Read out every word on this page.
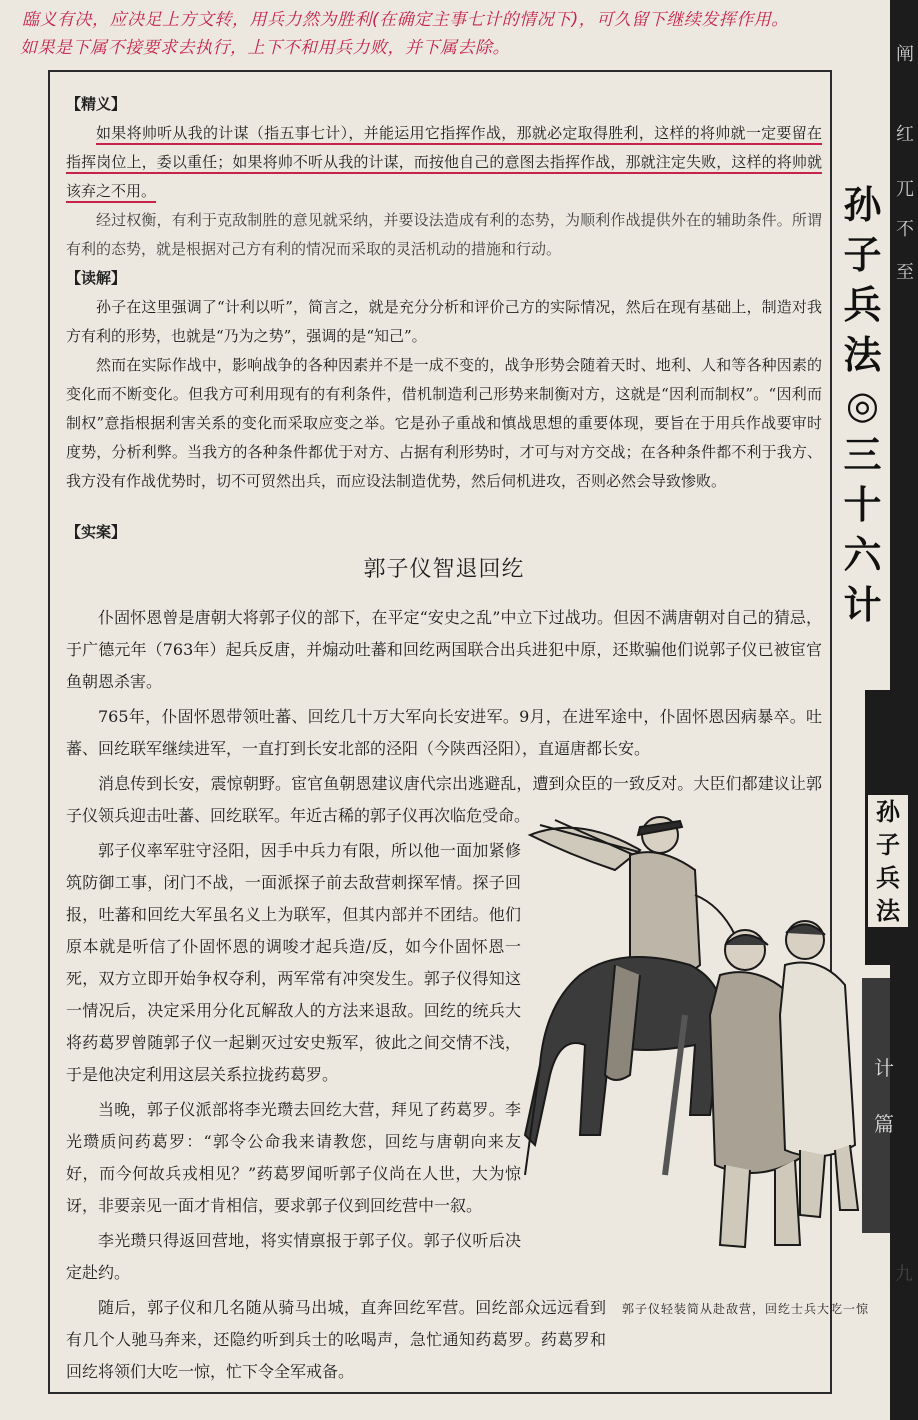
阐
红
兀
不
至
臨义有决，应决足上方文转，用兵力然为胜利(在确定主事七计的情况下)，可久留下继续发挥作用。
如果是下属不接要求去执行，上下不和用兵力败，并下属去除。

【精义】

如果将帅听从我的计谋（指五事七计），并能运用它指挥作战，那就必定取得胜利，这样的将帅就一定要留在指挥岗位上，委以重任；如果将帅不听从我的计谋，而按他自己的意图去指挥作战，那就注定失败，这样的将帅就该弃之不用。

经过权衡，有利于克敌制胜的意见就采纳，并要设法造成有利的态势，为顺利作战提供外在的辅助条件。所谓有利的态势，就是根据对己方有利的情况而采取的灵活机动的措施和行动。

【读解】

孙子在这里强调了“计利以听”，简言之，就是充分分析和评价己方的实际情况，然后在现有基础上，制造对我方有利的形势，也就是“乃为之势”，强调的是“知己”。

然而在实际作战中，影响战争的各种因素并不是一成不变的，战争形势会随着天时、地利、人和等各种因素的变化而不断变化。但我方可利用现有的有利条件，借机制造利己形势来制衡对方，这就是“因利而制权”。“因利而制权”意指根据利害关系的变化而采取应变之举。它是孙子重战和慎战思想的重要体现，要旨在于用兵作战要审时度势，分析利弊。当我方的各种条件都优于对方、占据有利形势时，才可与对方交战；在各种条件都不利于我方、我方没有作战优势时，切不可贸然出兵，而应设法制造优势，然后伺机进攻，否则必然会导致惨败。

【实案】

郭子仪智退回纥

仆固怀恩曾是唐朝大将郭子仪的部下，在平定“安史之乱”中立下过战功。但因不满唐朝对自己的猜忌，于广德元年（763年）起兵反唐，并煽动吐蕃和回纥两国联合出兵进犯中原，还欺骗他们说郭子仪已被宦官鱼朝恩杀害。

765年，仆固怀恩带领吐蕃、回纥几十万大军向长安进军。9月，在进军途中，仆固怀恩因病暴卒。吐蕃、回纥联军继续进军，一直打到长安北部的泾阳（今陕西泾阳），直逼唐都长安。

消息传到长安，震惊朝野。宦官鱼朝恩建议唐代宗出逃避乱，遭到众臣的一致反对。大臣们都建议让郭子仪领兵迎击吐蕃、回纥联军。年近古稀的郭子仪再次临危受命。

郭子仪率军驻守泾阳，因手中兵力有限，所以他一面加紧修筑防御工事，闭门不战，一面派探子前去敌营刺探军情。探子回报，吐蕃和回纥大军虽名义上为联军，但其内部并不团结。他们原本就是听信了仆固怀恩的调唆才起兵造/反，如今仆固怀恩一死，双方立即开始争权夺利，两军常有冲突发生。郭子仪得知这一情况后，决定采用分化瓦解敌人的方法来退敌。回纥的统兵大将药葛罗曾随郭子仪一起剿灭过安史叛军，彼此之间交情不浅，于是他决定利用这层关系拉拢药葛罗。

当晚，郭子仪派部将李光瓒去回纥大营，拜见了药葛罗。李光瓒质问药葛罗：“郭令公命我来请教您，回纥与唐朝向来友好，而今何故兵戎相见？”药葛罗闻听郭子仪尚在人世，大为惊讶，非要亲见一面才肯相信，要求郭子仪到回纥营中一叙。

李光瓒只得返回营地，将实情禀报于郭子仪。郭子仪听后决定赴约。

随后，郭子仪和几名随从骑马出城，直奔回纥军营。回纥部众远远看到有几个人驰马奔来，还隐约听到兵士的吆喝声，急忙通知药葛罗。药葛罗和回纥将领们大吃一惊，忙下令全军戒备。

郭子仪轻装简从赴敌营，回纥士兵大吃一惊
孙子兵法◎三十六计
孙子兵法
计篇
九
